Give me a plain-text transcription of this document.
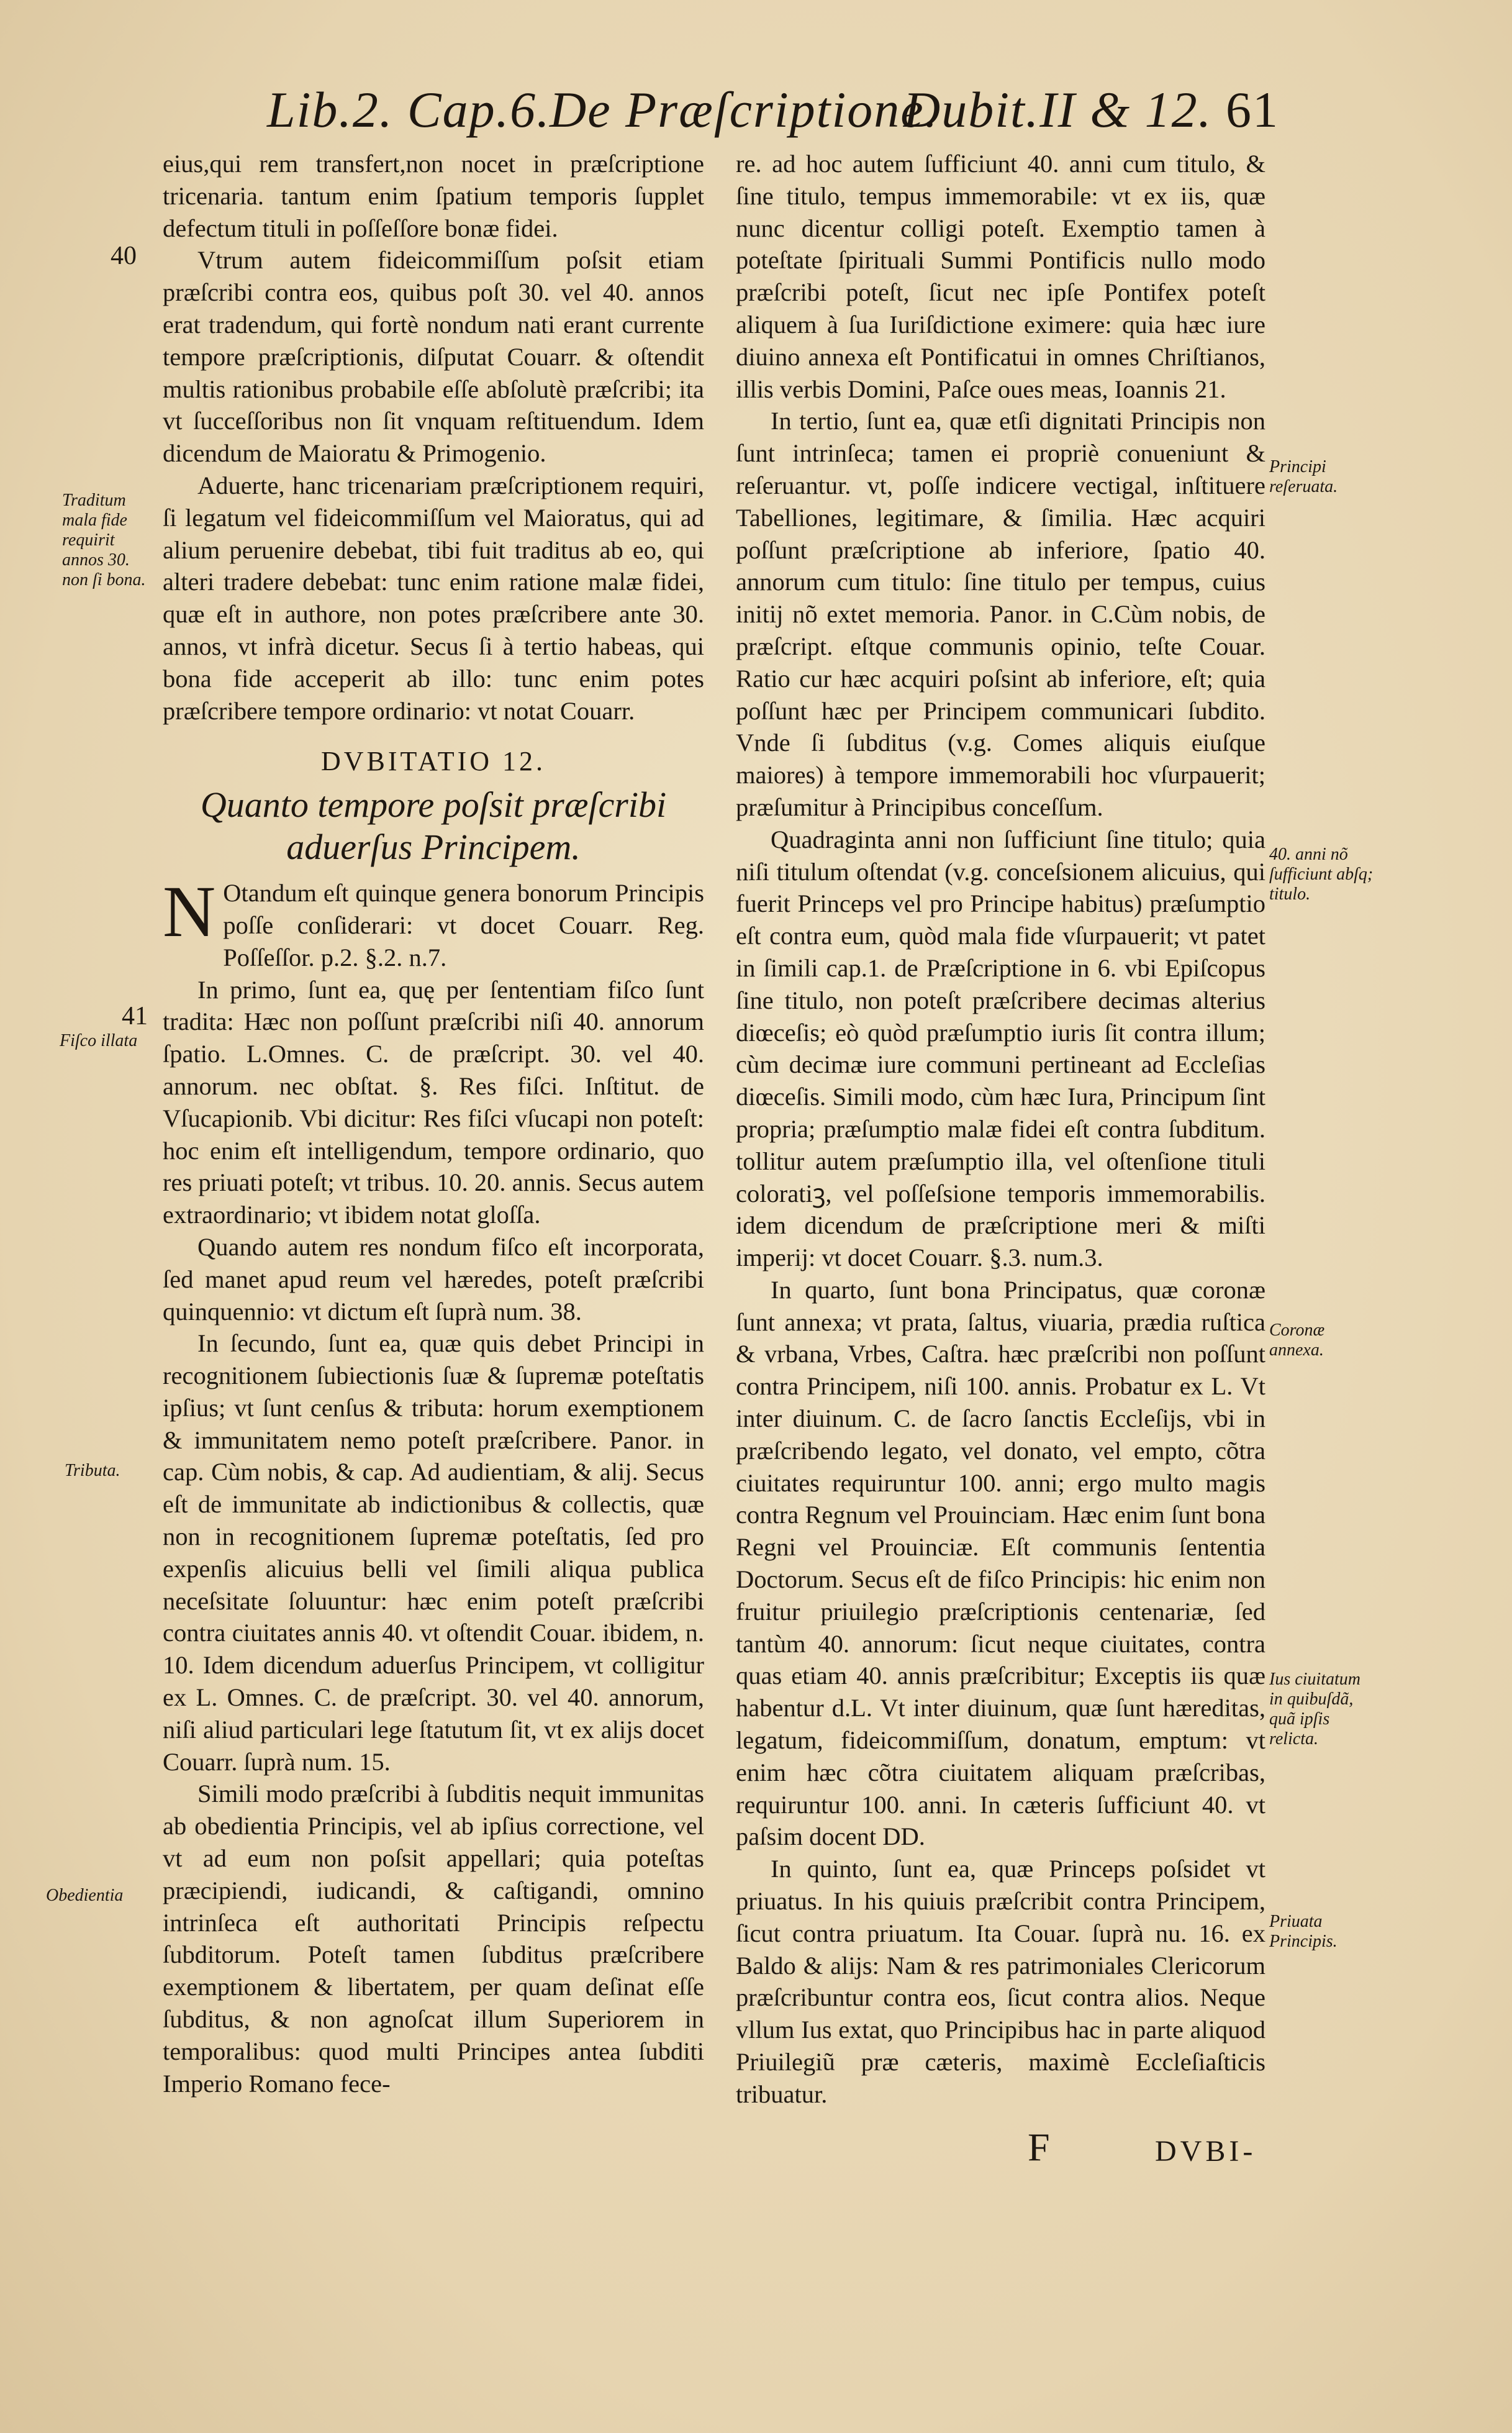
Lib.2. Cap.6.
De Præſcriptione.
Dubit.II & 12. 61
40
Traditum mala fide requirit annos 30. non ſi bona.
41
Fiſco illata
Tributa.
Obedientia
Principi reſeruata.
40. anni nõ ſufficiunt abſq; titulo.
Coronæ annexa.
Ius ciuitatum in quibuſdã, quã ipſis relicta.
Priuata Principis.

eius,qui rem transfert,non nocet in præſcriptione tricenaria. tantum enim ſpatium temporis ſupplet defectum tituli in poſſeſſore bonæ fidei.

Vtrum autem fideicommiſſum poſsit etiam præſcribi contra eos, quibus poſt 30. vel 40. annos erat tradendum, qui fortè nondum nati erant currente tempore præſcriptionis, diſputat Couarr. & oſtendit multis rationibus probabile eſſe abſolutè præſcribi; ita vt ſucceſſoribus non ſit vnquam reſtituendum. Idem dicendum de Maioratu & Primogenio.

Aduerte, hanc tricenariam præſcriptionem requiri, ſi legatum vel fideicommiſſum vel Maioratus, qui ad alium peruenire debebat, tibi fuit traditus ab eo, qui alteri tradere debebat: tunc enim ratione malæ fidei, quæ eſt in authore, non potes præſcribere ante 30. annos, vt infrà dicetur. Secus ſi à tertio habeas, qui bona fide acceperit ab illo: tunc enim potes præſcribere tempore ordinario: vt notat Couarr.

DVBITATIO 12.
Quanto tempore poſsit præſcribi aduerſus Principem.

N Otandum eſt quinque genera bonorum Principis poſſe conſiderari: vt docet Couarr. Reg. Poſſeſſor. p.2. §.2. n.7.

In primo, ſunt ea, quę per ſententiam fiſco ſunt tradita: Hæc non poſſunt præſcribi niſi 40. annorum ſpatio. L.Omnes. C. de præſcript. 30. vel 40. annorum. nec obſtat. §. Res fiſci. Inſtitut. de Vſucapionib. Vbi dicitur: Res fiſci vſucapi non poteſt: hoc enim eſt intelligendum, tempore ordinario, quo res priuati poteſt; vt tribus. 10. 20. annis. Secus autem extraordinario; vt ibidem notat gloſſa.

Quando autem res nondum fiſco eſt incorporata, ſed manet apud reum vel hæredes, poteſt præſcribi quinquennio: vt dictum eſt ſuprà num. 38.

In ſecundo, ſunt ea, quæ quis debet Principi in recognitionem ſubiectionis ſuæ & ſupremæ poteſtatis ipſius; vt ſunt cenſus & tributa: horum exemptionem & immunitatem nemo poteſt præſcribere. Panor. in cap. Cùm nobis, & cap. Ad audientiam, & alij. Secus eſt de immunitate ab indictionibus & collectis, quæ non in recognitionem ſupremæ poteſtatis, ſed pro expenſis alicuius belli vel ſimili aliqua publica neceſsitate ſoluuntur: hæc enim poteſt præſcribi contra ciuitates annis 40. vt oſtendit Couar. ibidem, n. 10. Idem dicendum aduerſus Principem, vt colligitur ex L. Omnes. C. de præſcript. 30. vel 40. annorum, niſi aliud particulari lege ſtatutum ſit, vt ex alijs docet Couarr. ſuprà num. 15.

Simili modo præſcribi à ſubditis nequit immunitas ab obedientia Principis, vel ab ipſius correctione, vel vt ad eum non poſsit appellari; quia poteſtas præcipiendi, iudicandi, & caſtigandi, omnino intrinſeca eſt authoritati Principis reſpectu ſubditorum. Poteſt tamen ſubditus præſcribere exemptionem & libertatem, per quam deſinat eſſe ſubditus, & non agnoſcat illum Superiorem in temporalibus: quod multi Principes antea ſubditi Imperio Romano fece-

re. ad hoc autem ſufficiunt 40. anni cum titulo, & ſine titulo, tempus immemorabile: vt ex iis, quæ nunc dicentur colligi poteſt. Exemptio tamen à poteſtate ſpirituali Summi Pontificis nullo modo præſcribi poteſt, ſicut nec ipſe Pontifex poteſt aliquem à ſua Iuriſdictione eximere: quia hæc iure diuino annexa eſt Pontificatui in omnes Chriſtianos, illis verbis Domini, Paſce oues meas, Ioannis 21.

In tertio, ſunt ea, quæ etſi dignitati Principis non ſunt intrinſeca; tamen ei propriè conueniunt & reſeruantur. vt, poſſe indicere vectigal, inſtituere Tabelliones, legitimare, & ſimilia. Hæc acquiri poſſunt præſcriptione ab inferiore, ſpatio 40. annorum cum titulo: ſine titulo per tempus, cuius initij nõ extet memoria. Panor. in C.Cùm nobis, de præſcript. eſtque communis opinio, teſte Couar. Ratio cur hæc acquiri poſsint ab inferiore, eſt; quia poſſunt hæc per Principem communicari ſubdito. Vnde ſi ſubditus (v.g. Comes aliquis eiuſque maiores) à tempore immemorabili hoc vſurpauerit; præſumitur à Principibus conceſſum.

Quadraginta anni non ſufficiunt ſine titulo; quia niſi titulum oſtendat (v.g. conceſsionem alicuius, qui fuerit Princeps vel pro Principe habitus) præſumptio eſt contra eum, quòd mala fide vſurpauerit; vt patet in ſimili cap.1. de Præſcriptione in 6. vbi Epiſcopus ſine titulo, non poteſt præſcribere decimas alterius diœceſis; eò quòd præſumptio iuris ſit contra illum; cùm decimæ iure communi pertineant ad Eccleſias diœceſis. Simili modo, cùm hæc Iura, Principum ſint propria; præſumptio malæ fidei eſt contra ſubditum. tollitur autem præſumptio illa, vel oſtenſione tituli coloratiꝫ, vel poſſeſsione temporis immemorabilis. idem dicendum de præſcriptione meri & miſti imperij: vt docet Couarr. §.3. num.3.

In quarto, ſunt bona Principatus, quæ coronæ ſunt annexa; vt prata, ſaltus, viuaria, prædia ruſtica & vrbana, Vrbes, Caſtra. hæc præſcribi non poſſunt contra Principem, niſi 100. annis. Probatur ex L. Vt inter diuinum. C. de ſacro ſanctis Eccleſijs, vbi in præſcribendo legato, vel donato, vel empto, cõtra ciuitates requiruntur 100. anni; ergo multo magis contra Regnum vel Prouinciam. Hæc enim ſunt bona Regni vel Prouinciæ. Eſt communis ſententia Doctorum. Secus eſt de fiſco Principis: hic enim non fruitur priuilegio præſcriptionis centenariæ, ſed tantùm 40. annorum: ſicut neque ciuitates, contra quas etiam 40. annis præſcribitur; Exceptis iis quæ habentur d.L. Vt inter diuinum, quæ ſunt hæreditas, legatum, fideicommiſſum, donatum, emptum: vt enim hæc cõtra ciuitatem aliquam præſcribas, requiruntur 100. anni. In cæteris ſufficiunt 40. vt paſsim docent DD.

In quinto, ſunt ea, quæ Princeps poſsidet vt priuatus. In his quiuis præſcribit contra Principem, ſicut contra priuatum. Ita Couar. ſuprà nu. 16. ex Baldo & alijs: Nam & res patrimoniales Clericorum præſcribuntur contra eos, ſicut contra alios. Neque vllum Ius extat, quo Principibus hac in parte aliquod Priuilegiũ præ cæteris, maximè Eccleſiaſticis tribuatur.

F	DVBI-
